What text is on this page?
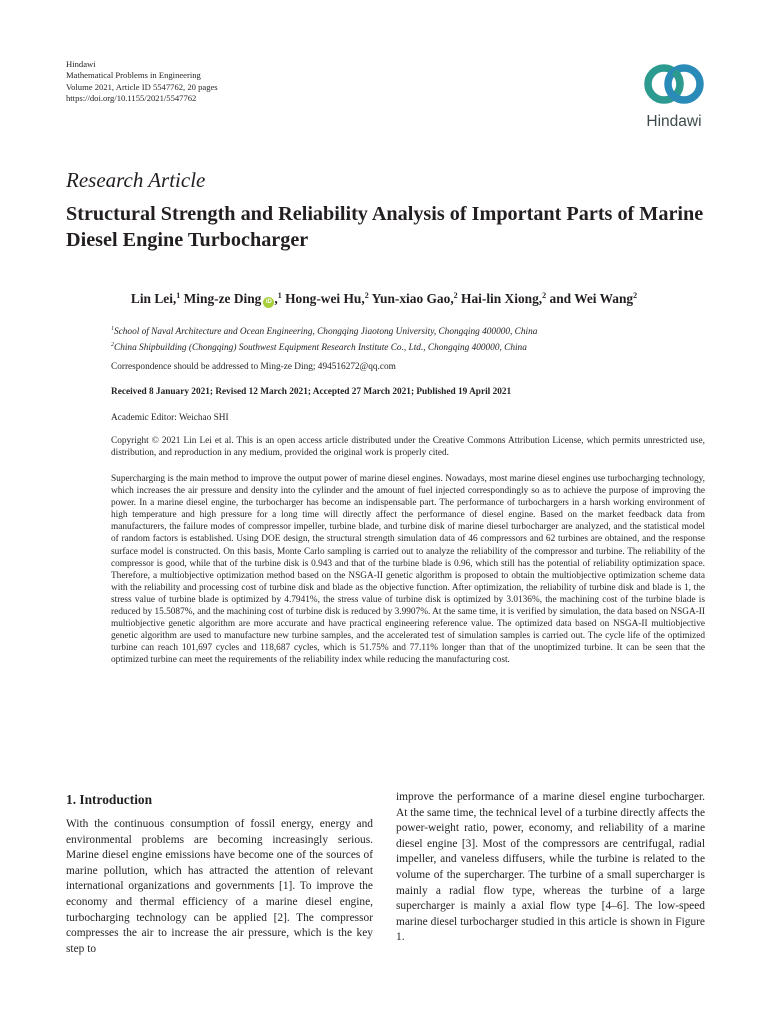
Hindawi
Mathematical Problems in Engineering
Volume 2021, Article ID 5547762, 20 pages
https://doi.org/10.1155/2021/5547762
Hindawi
Research Article
Structural Strength and Reliability Analysis of Important Parts of Marine Diesel Engine Turbocharger
Lin Lei,$^1$ Ming-ze Ding iD ,$^1$ Hong-wei Hu,$^2$ Yun-xiao Gao,$^2$ Hai-lin Xiong,$^2$ and Wei Wang$^2$
$^1$School of Naval Architecture and Ocean Engineering, Chongqing Jiaotong University, Chongqing 400000, China
$^2$China Shipbuilding (Chongqing) Southwest Equipment Research Institute Co., Ltd., Chongqing 400000, China
Correspondence should be addressed to Ming-ze Ding; 494516272@qq.com
Received 8 January 2021; Revised 12 March 2021; Accepted 27 March 2021; Published 19 April 2021
Academic Editor: Weichao SHI
Copyright © 2021 Lin Lei et al. This is an open access article distributed under the Creative Commons Attribution License, which permits unrestricted use, distribution, and reproduction in any medium, provided the original work is properly cited.
Supercharging is the main method to improve the output power of marine diesel engines. Nowadays, most marine diesel engines use turbocharging technology, which increases the air pressure and density into the cylinder and the amount of fuel injected correspondingly so as to achieve the purpose of improving the power. In a marine diesel engine, the turbocharger has become an indispensable part. The performance of turbochargers in a harsh working environment of high temperature and high pressure for a long time will directly affect the performance of diesel engine. Based on the market feedback data from manufacturers, the failure modes of compressor impeller, turbine blade, and turbine disk of marine diesel turbocharger are analyzed, and the statistical model of random factors is established. Using DOE design, the structural strength simulation data of 46 compressors and 62 turbines are obtained, and the response surface model is constructed. On this basis, Monte Carlo sampling is carried out to analyze the reliability of the compressor and turbine. The reliability of the compressor is good, while that of the turbine disk is 0.943 and that of the turbine blade is 0.96, which still has the potential of reliability optimization space. Therefore, a multiobjective optimization method based on the NSGA-II genetic algorithm is proposed to obtain the multiobjective optimization scheme data with the reliability and processing cost of turbine disk and blade as the objective function. After optimization, the reliability of turbine disk and blade is 1, the stress value of turbine blade is optimized by 4.7941%, the stress value of turbine disk is optimized by 3.0136%, the machining cost of the turbine blade is reduced by 15.5087%, and the machining cost of turbine disk is reduced by 3.9907%. At the same time, it is verified by simulation, the data based on NSGA-II multiobjective genetic algorithm are more accurate and have practical engineering reference value. The optimized data based on NSGA-II multiobjective genetic algorithm are used to manufacture new turbine samples, and the accelerated test of simulation samples is carried out. The cycle life of the optimized turbine can reach 101,697 cycles and 118,687 cycles, which is 51.75% and 77.11% longer than that of the unoptimized turbine. It can be seen that the optimized turbine can meet the requirements of the reliability index while reducing the manufacturing cost.
1. Introduction
With the continuous consumption of fossil energy, energy and environmental problems are becoming increasingly serious. Marine diesel engine emissions have become one of the sources of marine pollution, which has attracted the attention of relevant international organizations and governments [1]. To improve the economy and thermal efficiency of a marine diesel engine, turbocharging technology can be applied [2]. The compressor compresses the air to increase the air pressure, which is the key step to
improve the performance of a marine diesel engine turbocharger. At the same time, the technical level of a turbine directly affects the power-weight ratio, power, economy, and reliability of a marine diesel engine [3]. Most of the compressors are centrifugal, radial impeller, and vaneless diffusers, while the turbine is related to the volume of the supercharger. The turbine of a small supercharger is mainly a radial flow type, whereas the turbine of a large supercharger is mainly a axial flow type [4–6]. The low-speed marine diesel turbocharger studied in this article is shown in Figure 1.
